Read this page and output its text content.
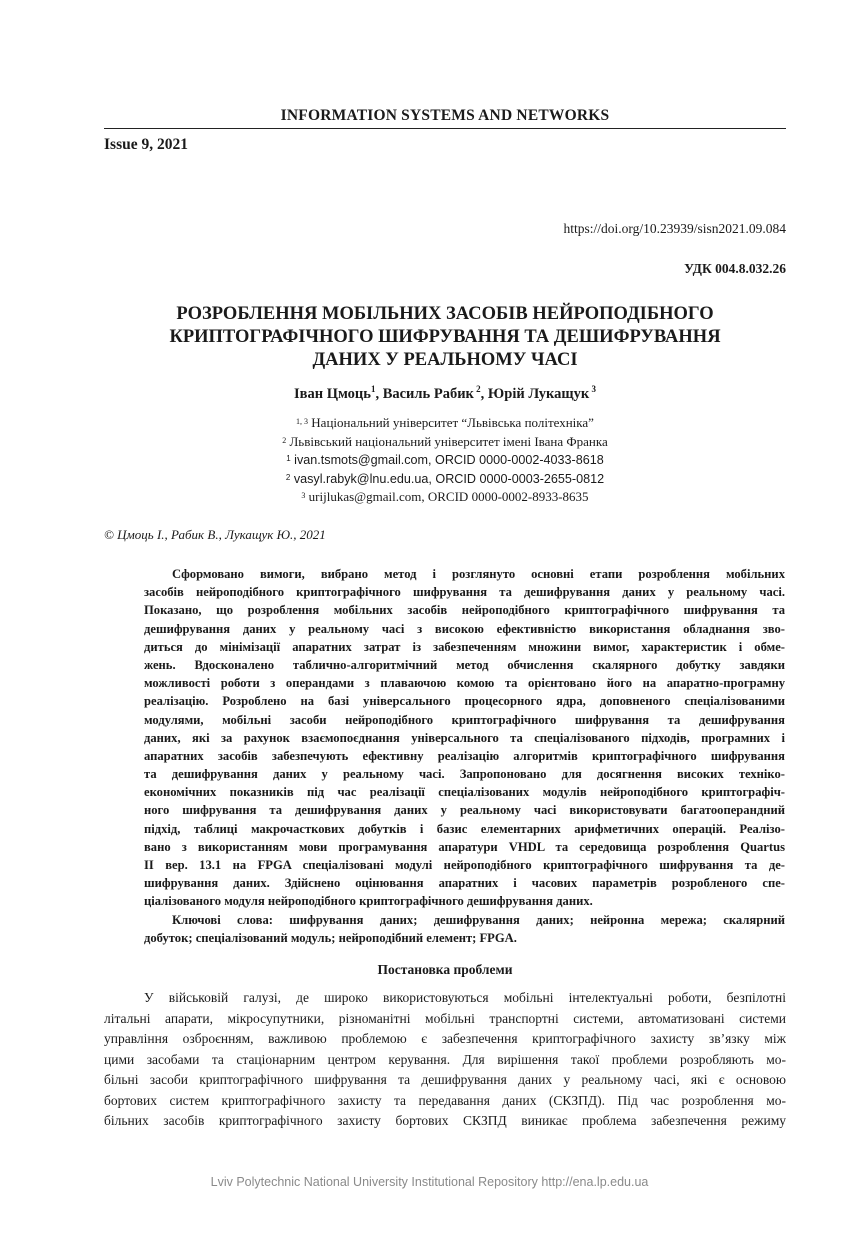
INFORMATION SYSTEMS AND NETWORKS
Issue 9, 2021
https://doi.org/10.23939/sisn2021.09.084
УДК 004.8.032.26
РОЗРОБЛЕННЯ МОБІЛЬНИХ ЗАСОБІВ НЕЙРОПОДІБНОГО
КРИПТОГРАФІЧНОГО ШИФРУВАННЯ ТА ДЕШИФРУВАННЯ
ДАНИХ У РЕАЛЬНОМУ ЧАСІ
Іван Цмоць$^1$, Василь Рабик $^2$, Юрій Лукащук $^3$
$^{1, 3}$ Національний університет “Львівська політехніка”
$^2$ Львівський національний університет імені Івана Франка
$^1$ ivan.tsmots@gmail.com, ORCID 0000-0002-4033-8618
$^2$ vasyl.rabyk@lnu.edu.ua, ORCID 0000-0003-2655-0812
$^3$ urijlukas@gmail.com, ORCID 0000-0002-8933-8635
© Цмоць І., Рабик В., Лукащук Ю., 2021
Сформовано вимоги, вибрано метод і розглянуто основні етапи розроблення мобільних
засобів нейроподібного криптографічного шифрування та дешифрування даних у реальному часі.
Показано, що розроблення мобільних засобів нейроподібного криптографічного шифрування та
дешифрування даних у реальному часі з високою ефективністю використання обладнання зво-
диться до мінімізації апаратних затрат із забезпеченням множини вимог, характеристик і обме-
жень. Вдосконалено таблично-алгоритмічний метод обчислення скалярного добутку завдяки
можливості роботи з операндами з плаваючою комою та орієнтовано його на апаратно-програмну
реалізацію. Розроблено на базі універсального процесорного ядра, доповненого спеціалізованими
модулями, мобільні засоби нейроподібного криптографічного шифрування та дешифрування
даних, які за рахунок взаємопоєднання універсального та спеціалізованого підходів, програмних і
апаратних засобів забезпечують ефективну реалізацію алгоритмів криптографічного шифрування
та дешифрування даних у реальному часі. Запропоновано для досягнення високих техніко-
економічних показників під час реалізації спеціалізованих модулів нейроподібного криптографіч-
ного шифрування та дешифрування даних у реальному часі використовувати багатооперандний
підхід, таблиці макрочасткових добутків і базис елементарних арифметичних операцій. Реалізо-
вано з використанням мови програмування апаратури VHDL та середовища розроблення Quartus
II вер. 13.1 на FPGA спеціалізовані модулі нейроподібного криптографічного шифрування та де-
шифрування даних. Здійснено оцінювання апаратних і часових параметрів розробленого спе-
ціалізованого модуля нейроподібного криптографічного дешифрування даних.
Ключові слова: шифрування даних; дешифрування даних; нейронна мережа; скалярний
добуток; спеціалізований модуль; нейроподібний елемент; FPGA.
Постановка проблеми
У військовій галузі, де широко використовуються мобільні інтелектуальні роботи, безпілотні
літальні апарати, мікросупутники, різноманітні мобільні транспортні системи, автоматизовані системи
управління озброєнням, важливою проблемою є забезпечення криптографічного захисту зв’язку між
цими засобами та стаціонарним центром керування. Для вирішення такої проблеми розробляють мо-
більні засоби криптографічного шифрування та дешифрування даних у реальному часі, які є основою
бортових систем криптографічного захисту та передавання даних (СКЗПД). Під час розроблення мо-
більних засобів криптографічного захисту бортових СКЗПД виникає проблема забезпечення режиму
Lviv Polytechnic National University Institutional Repository http://ena.lp.edu.ua
